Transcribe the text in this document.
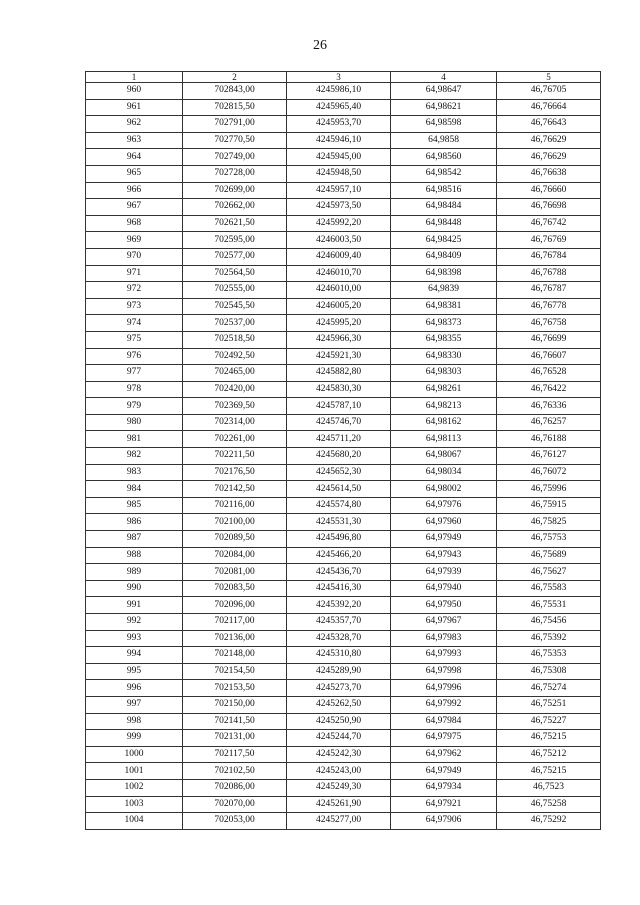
26
1	2	3	4	5
960	702843,00	4245986,10	64,98647	46,76705
961	702815,50	4245965,40	64,98621	46,76664
962	702791,00	4245953,70	64,98598	46,76643
963	702770,50	4245946,10	64,9858	46,76629
964	702749,00	4245945,00	64,98560	46,76629
965	702728,00	4245948,50	64,98542	46,76638
966	702699,00	4245957,10	64,98516	46,76660
967	702662,00	4245973,50	64,98484	46,76698
968	702621,50	4245992,20	64,98448	46,76742
969	702595,00	4246003,50	64,98425	46,76769
970	702577,00	4246009,40	64,98409	46,76784
971	702564,50	4246010,70	64,98398	46,76788
972	702555,00	4246010,00	64,9839	46,76787
973	702545,50	4246005,20	64,98381	46,76778
974	702537,00	4245995,20	64,98373	46,76758
975	702518,50	4245966,30	64,98355	46,76699
976	702492,50	4245921,30	64,98330	46,76607
977	702465,00	4245882,80	64,98303	46,76528
978	702420,00	4245830,30	64,98261	46,76422
979	702369,50	4245787,10	64,98213	46,76336
980	702314,00	4245746,70	64,98162	46,76257
981	702261,00	4245711,20	64,98113	46,76188
982	702211,50	4245680,20	64,98067	46,76127
983	702176,50	4245652,30	64,98034	46,76072
984	702142,50	4245614,50	64,98002	46,75996
985	702116,00	4245574,80	64,97976	46,75915
986	702100,00	4245531,30	64,97960	46,75825
987	702089,50	4245496,80	64,97949	46,75753
988	702084,00	4245466,20	64,97943	46,75689
989	702081,00	4245436,70	64,97939	46,75627
990	702083,50	4245416,30	64,97940	46,75583
991	702096,00	4245392,20	64,97950	46,75531
992	702117,00	4245357,70	64,97967	46,75456
993	702136,00	4245328,70	64,97983	46,75392
994	702148,00	4245310,80	64,97993	46,75353
995	702154,50	4245289,90	64,97998	46,75308
996	702153,50	4245273,70	64,97996	46,75274
997	702150,00	4245262,50	64,97992	46,75251
998	702141,50	4245250,90	64,97984	46,75227
999	702131,00	4245244,70	64,97975	46,75215
1000	702117,50	4245242,30	64,97962	46,75212
1001	702102,50	4245243,00	64,97949	46,75215
1002	702086,00	4245249,30	64,97934	46,7523
1003	702070,00	4245261,90	64,97921	46,75258
1004	702053,00	4245277,00	64,97906	46,75292
